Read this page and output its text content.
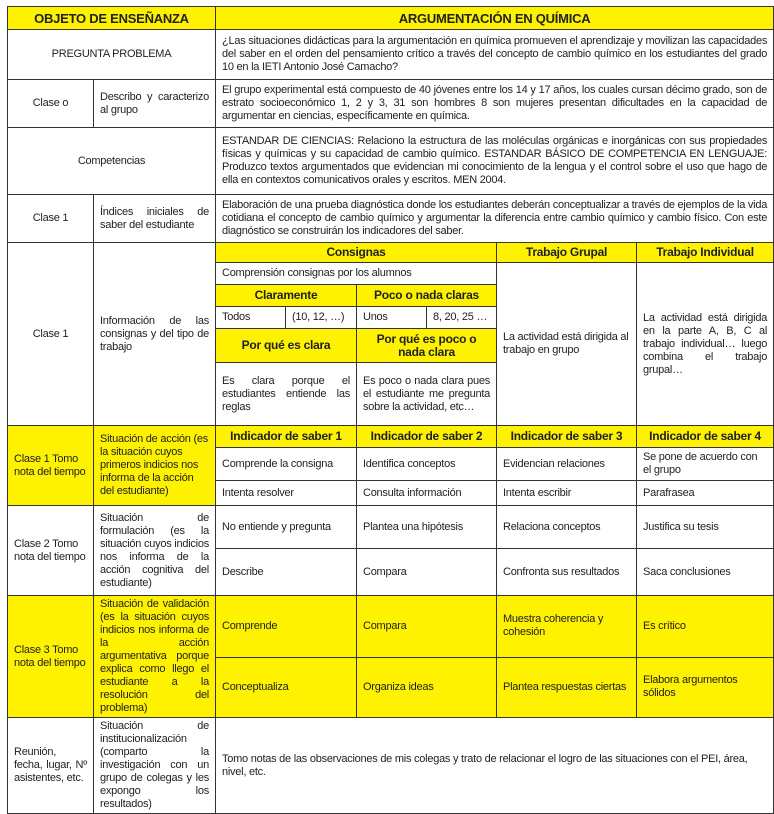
OBJETO DE ENSEÑANZA		ARGUMENTACIÓN EN QUÍMICA					
PREGUNTA PROBLEMA		¿Las situaciones didácticas para la argumentación en química promueven el aprendizaje y movilizan las capacidades del saber en el orden del pensamiento crítico a través del concepto de cambio químico en los estudiantes del grado 10 en la IETI Antonio José Camacho?					
Clase o	Describo y caracterizo al grupo	El grupo experimental está compuesto de 40 jóvenes entre los 14 y 17 años, los cuales cursan décimo grado, son de estrato socioeconómico 1, 2 y 3, 31 son hombres 8 son mujeres presentan dificultades en la capacidad de argumentar en ciencias, específicamente en química.					
Competencias		ESTANDAR DE CIENCIAS: Relaciono la estructura de las moléculas orgánicas e inorgánicas con sus propiedades físicas y químicas y su capacidad de cambio químico. ESTANDAR BÁSICO DE COMPETENCIA EN LENGUAJE: Produzco textos argumentados que evidencian mi conocimiento de la lengua y el control sobre el uso que hago de ella en contextos comunicativos orales y escritos. MEN 2004.					
Clase 1	Índices iniciales de saber del estudiante	Elaboración de una prueba diagnóstica donde los estudiantes deberán conceptualizar a través de ejemplos de la vida cotidiana el concepto de cambio químico y argumentar la diferencia entre cambio químico y cambio físico. Con este diagnóstico se construirán los indicadores del saber.					
Clase 1	Información de las consignas y del tipo de trabajo	Consignas				Trabajo Grupal	Trabajo Individual
		Comprensión consignas por los alumnos				La actividad está dirigida al trabajo en grupo	La actividad está dirigida en la parte A, B, C al trabajo individual… luego combina el trabajo grupal…
		Claramente		Poco o nada claras			
		Todos	(10, 12, …)	Unos	8, 20, 25 …		
		Por qué es clara		Por qué es poco o nada clara			
		Es clara porque el estudiantes entiende las reglas		Es poco o nada clara pues el estudiante me pregunta sobre la actividad, etc…			
Clase 1 Tomo nota del tiempo	Situación de acción (es la situación cuyos primeros indicios nos informa de la acción del estudiante)	Indicador de saber 1		Indicador de saber 2		Indicador de saber 3	Indicador de saber 4
		Comprende la consigna		Identifica conceptos		Evidencian relaciones	Se pone de acuerdo con el grupo
		Intenta resolver		Consulta información		Intenta escribir	Parafrasea
Clase 2 Tomo nota del tiempo	Situación de formulación (es la situación cuyos indicios nos informa de la acción cognitiva del estudiante)	No entiende y pregunta		Plantea una hipótesis		Relaciona conceptos	Justifica su tesis
		Describe		Compara		Confronta sus resultados	Saca conclusiones
Clase 3 Tomo nota del tiempo	Situación de validación (es la situación cuyos indicios nos informa de la acción argumentativa porque explica como llego el estudiante a la resolución del problema)	Comprende		Compara		Muestra coherencia y cohesión	Es crítico
		Conceptualiza		Organiza ideas		Plantea respuestas ciertas	Elabora argumentos sólidos
Reunión, fecha, lugar, Nº asistentes, etc.	Situación de institucionalización (comparto la investigación con un grupo de colegas y les expongo los resultados)	Tomo notas de las observaciones de mis colegas y trato de relacionar el logro de las situaciones con el PEI, área, nivel, etc.					
